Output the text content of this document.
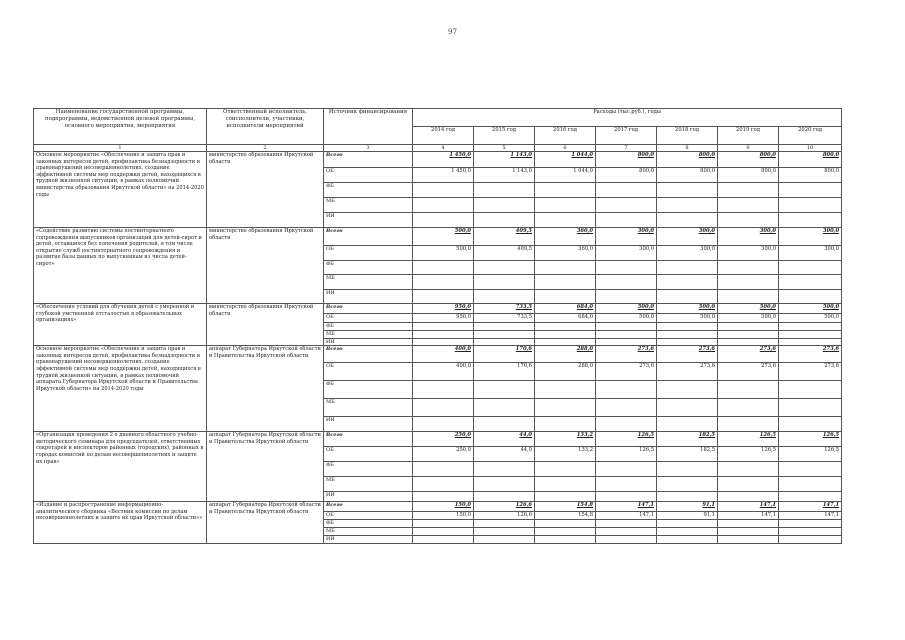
97
Наименование государственной программы, подпрограммы, ведомственной целевой программы, основного мероприятия, мероприятия	Ответственный исполнитель, соисполнители, участники, исполнители мероприятий	Источник финансирования	Расходы (тыс.руб.), годы						
			2014 год	2015 год	2016 год	2017 год	2018 год	2019 год	2020 год
1	2	3	4	5	6	7	8	9	10
Основное мероприятие «Обеспечение и защита прав и законных интересов детей, профилактика безнадзорности и правонарушений несовершеннолетних, создание эффективной системы мер поддержки детей, находящихся в трудной жизненной ситуации, в рамках полномочий министерства образования Иркутской области» на 2014-2020 годы	министерство образования Иркутской области	Всего	1 450,0	1 143,0	1 044,0	800,0	800,0	800,0	800,0
		ОБ	1 450,0	1 143,0	1 044,0	800,0	800,0	800,0	800,0
		ФБ							
		МБ							
		ИИ							
«Содействие развитию системы постинтернатного сопровождения выпускников организаций для детей-сирот и детей, оставшихся без попечения родителей, в том числе открытие служб постинтернатного сопровождения и развитие базы данных по выпускникам из числа детей-сирот»	министерство образования Иркутской области	Всего	500,0	409,5	360,0	300,0	300,0	300,0	300,0
		ОБ	500,0	409,5	360,0	300,0	300,0	300,0	300,0
		ФБ							
		МБ							
		ИИ							
«Обеспечение условий для обучения детей с умеренной и глубокой умственной отсталостью в образовательных организациях»	министерство образования Иркутской области	Всего	950,0	733,5	684,0	500,0	500,0	500,0	500,0
		ОБ	950,0	733,5	684,0	500,0	500,0	500,0	500,0
		ФБ							
		МБ							
		ИИ							
Основное мероприятие «Обеспечение и защита прав и законных интересов детей, профилактика безнадзорности и правонарушений несовершеннолетних, создание эффективной системы мер поддержки детей, находящихся в трудной жизненной ситуации, в рамках полномочий аппарата Губернатора Иркутской области и Правительства Иркутской области» на 2014-2020 годы	аппарат Губернатора Иркутской области и Правительства Иркутской области	Всего	400,0	170,6	288,0	273,6	273,6	273,6	273,6
		ОБ	400,0	170,6	288,0	273,6	273,6	273,6	273,6
		ФБ							
		МБ							
		ИИ							
«Организация проведения 2-х дневного областного учебно-методического семинара для председателей, ответственных секретарей и инспекторов районных (городских), районных в городах комиссий по делам несовершеннолетних и защите их прав»	аппарат Губернатора Иркутской области и Правительства Иркутской области	Всего	250,0	44,0	133,2	126,5	182,5	126,5	126,5
		ОБ	250,0	44,0	133,2	126,5	182,5	126,5	126,5
		ФБ							
		МБ							
		ИИ							
«Издание и распространение информационно-аналитического сборника «Вестник комиссии по делам несовершеннолетних и защите их прав Иркутской области»»	аппарат Губернатора Иркутской области и Правительства Иркутской области	Всего	150,0	126,6	154,8	147,1	91,1	147,1	147,1
		ОБ	150,0	126,6	154,8	147,1	91,1	147,1	147,1
		ФБ							
		МБ							
		ИИ							
